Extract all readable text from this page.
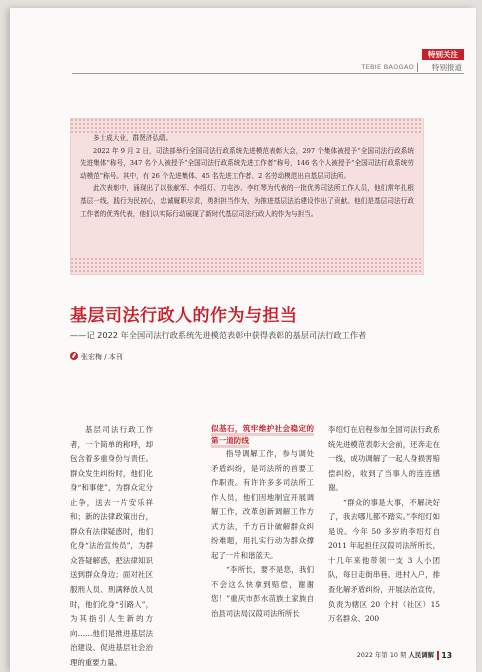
特别关注
TEBIE BAOGAO 特别报道

多士成大业，群贤济弘绩。

2022 年 9 月 2 日，司法部举行全国司法行政系统先进模范表彰大会，297 个集体被授予“全国司法行政系统先进集体”称号，347 名个人被授予“全国司法行政系统先进工作者”称号，146 名个人被授予“全国司法行政系统劳动模范”称号。其中，有 26 个先进集体、45 名先进工作者、2 名劳动模范出自基层司法所。

此次表彰中，涌现出了以张献军、李绍灯、刀屯沙、李红琴为代表的一批优秀司法所工作人员，他们常年扎根基层一线，践行为民初心，忠诚履职尽责，勇担担当作为，为推进基层法治建设作出了贡献。他们是基层司法行政工作者的优秀代表，他们以实际行动展现了新时代基层司法行政人的作为与担当。

基层司法行政人的作为与担当
——记 2022 年全国司法行政系统先进模范表彰中获得表彰的基层司法行政工作者
张宏梅 / 本刊

基层司法行政工作者，一个简单的称呼，却包含着多重身份与责任。群众发生纠纷时，他们化身“和事佬”，为群众定分止争，送去一片安乐祥和；新的法律政策出台，群众有法律疑惑时，他们化身“法治宣传员”，为群众答疑解惑，把法律知识送到群众身边；面对社区服刑人员、刑满释放人员时，他们化身“引路人”，为其指引人生新的方向……他们是推进基层法治建设、促进基层社会治理的重要力量。

似基石，筑牢维护社会稳定的第一道防线

指导调解工作，参与调处矛盾纠纷，是司法所的首要工作职责。有许许多多司法所工作人员，他们因地制宜开展调解工作，改革创新调解工作方式方法，千方百计破解群众纠纷难题，用扎实行动为群众撑起了一片和谐蓝天。

“李所长，要不是您，我们不会这么快拿到赔偿，谢谢您！”重庆市彭水苗族土家族自治县司法局汉葭司法所所长

李绍灯在启程参加全国司法行政系统先进模范表彰大会前，还奔走在一线，成功调解了一起人身损害赔偿纠纷，收到了当事人的连连感谢。

“群众的事是大事，不解决好了，我去哪儿都不踏实。”李绍灯如是说。今年 50 多岁的李绍灯自 2011 年起担任汉葭司法所所长，十几年来他带领一支 3 人小团队，每日走街串巷、进村入户，排查化解矛盾纠纷，开展法治宣传，负责为辖区 20 个村（社区）15 万名群众、200

2022 年第 10 期 人民调解 13
